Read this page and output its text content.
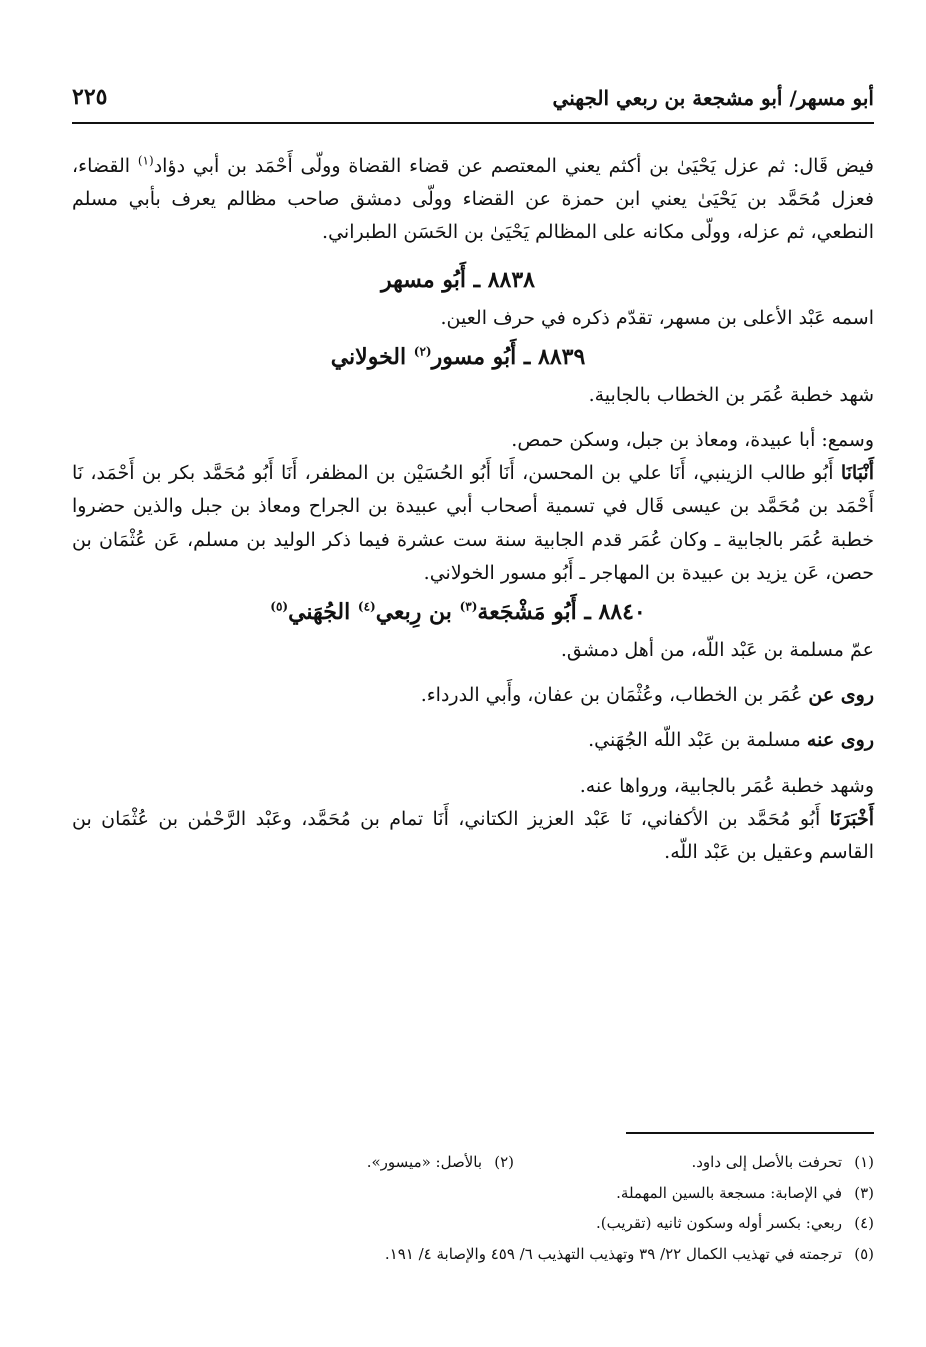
أبو مسهر/ أبو مشجعة بن ربعي الجهني
٢٢٥

فيض قَال: ثم عزل يَحْيَىٰ بن أكثم يعني المعتصم عن قضاء القضاة وولّى أَحْمَد بن أبي دؤاد$^{(١)}$ القضاء، فعزل مُحَمَّد بن يَحْيَىٰ يعني ابن حمزة عن القضاء وولّى دمشق صاحب مظالم يعرف بأبي مسلم النطعي، ثم عزله، وولّى مكانه على المظالم يَحْيَىٰ بن الحَسَن الطبراني.

٨٨٣٨ ـ أَبُو مسهر

اسمه عَبْد الأعلى بن مسهر، تقدّم ذكره في حرف العين.

٨٨٣٩ ـ أَبُو مسور$^{(٢)}$ الخولاني

شهد خطبة عُمَر بن الخطاب بالجابية.

وسمع: أبا عبيدة، ومعاذ بن جبل، وسكن حمص.

أَنْبَانَا أَبُو طالب الزينبي، أَنَا علي بن المحسن، أَنَا أَبُو الحُسَيْن بن المظفر، أَنَا أَبُو مُحَمَّد بكر بن أَحْمَد، نَا أَحْمَد بن مُحَمَّد بن عيسى قَال في تسمية أصحاب أبي عبيدة بن الجراح ومعاذ بن جبل والذين حضروا خطبة عُمَر بالجابية ـ وكان عُمَر قدم الجابية سنة ست عشرة فيما ذكر الوليد بن مسلم، عَن عُثْمَان بن حصن، عَن يزيد بن عبيدة بن المهاجر ـ أَبُو مسور الخولاني.

٨٨٤٠ ـ أَبُو مَشْجَعة$^{(٣)}$ بن رِبعي$^{(٤)}$ الجُهَني$^{(٥)}$

عمّ مسلمة بن عَبْد اللّه، من أهل دمشق.

روى عن عُمَر بن الخطاب، وعُثْمَان بن عفان، وأَبي الدرداء.

روى عنه مسلمة بن عَبْد اللّه الجُهَني.

وشهد خطبة عُمَر بالجابية، ورواها عنه.

أَخْبَرَنَا أَبُو مُحَمَّد بن الأكفاني، نَا عَبْد العزيز الكتاني، أَنَا تمام بن مُحَمَّد، وعَبْد الرَّحْمٰن بن عُثْمَان بن القاسم وعقيل بن عَبْد اللّه.

(١)
تحرفت بالأصل إلى داود.
(٢)
بالأصل: «ميسور».
(٣)
في الإصابة: مسجعة بالسين المهملة.
(٤)
ربعي: بكسر أوله وسكون ثانيه (تقريب).
(٥)
ترجمته في تهذيب الكمال ٢٢/ ٣٩ وتهذيب التهذيب ٦/ ٤٥٩ والإصابة ٤/ ١٩١.
